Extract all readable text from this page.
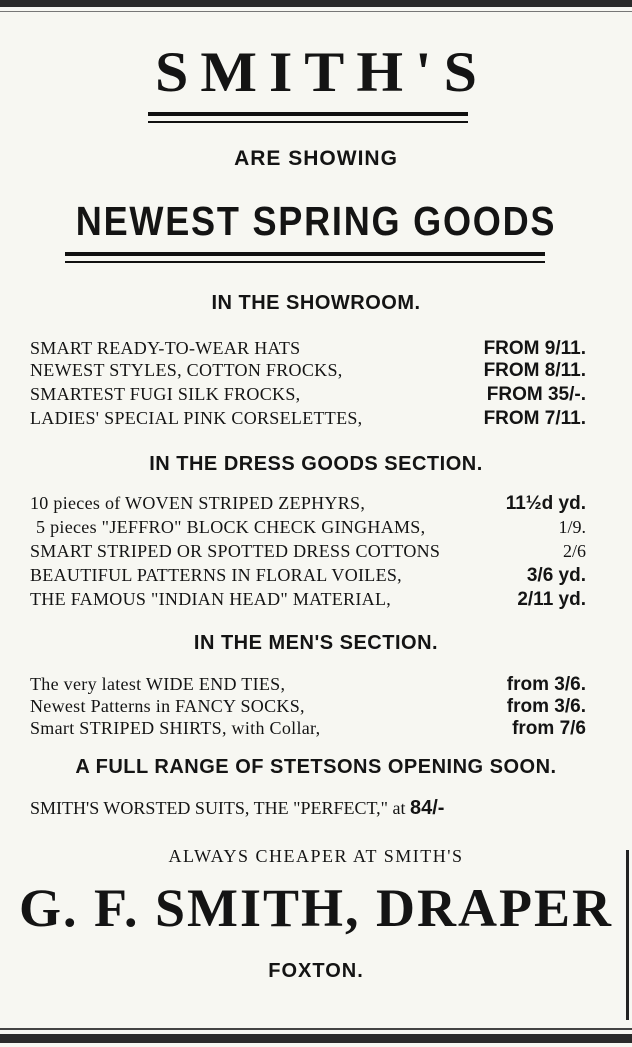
SMITH'S
ARE SHOWING
NEWEST SPRING GOODS
IN THE SHOWROOM.
SMART READY-TO-WEAR HATS	FROM 9/11.
NEWEST STYLES, COTTON FROCKS,	FROM 8/11.
SMARTEST FUGI SILK FROCKS,	FROM 35/-.
LADIES' SPECIAL PINK CORSELETTES,	FROM 7/11.
IN THE DRESS GOODS SECTION.
10 pieces of WOVEN STRIPED ZEPHYRS,	11½d yd.
5 pieces "JEFFRO" BLOCK CHECK GINGHAMS,	1/9.
SMART STRIPED OR SPOTTED DRESS COTTONS	2/6
BEAUTIFUL PATTERNS IN FLORAL VOILES,	3/6 yd.
THE FAMOUS "INDIAN HEAD" MATERIAL,	2/11 yd.
IN THE MEN'S SECTION.
The very latest WIDE END TIES,	from 3/6.
Newest Patterns in FANCY SOCKS,	from 3/6.
Smart STRIPED SHIRTS, with Collar,	from 7/6
A FULL RANGE OF STETSONS OPENING SOON.
SMITH'S WORSTED SUITS, THE "PERFECT," at 84/-
ALWAYS CHEAPER AT SMITH'S
G. F. SMITH, DRAPER
FOXTON.
